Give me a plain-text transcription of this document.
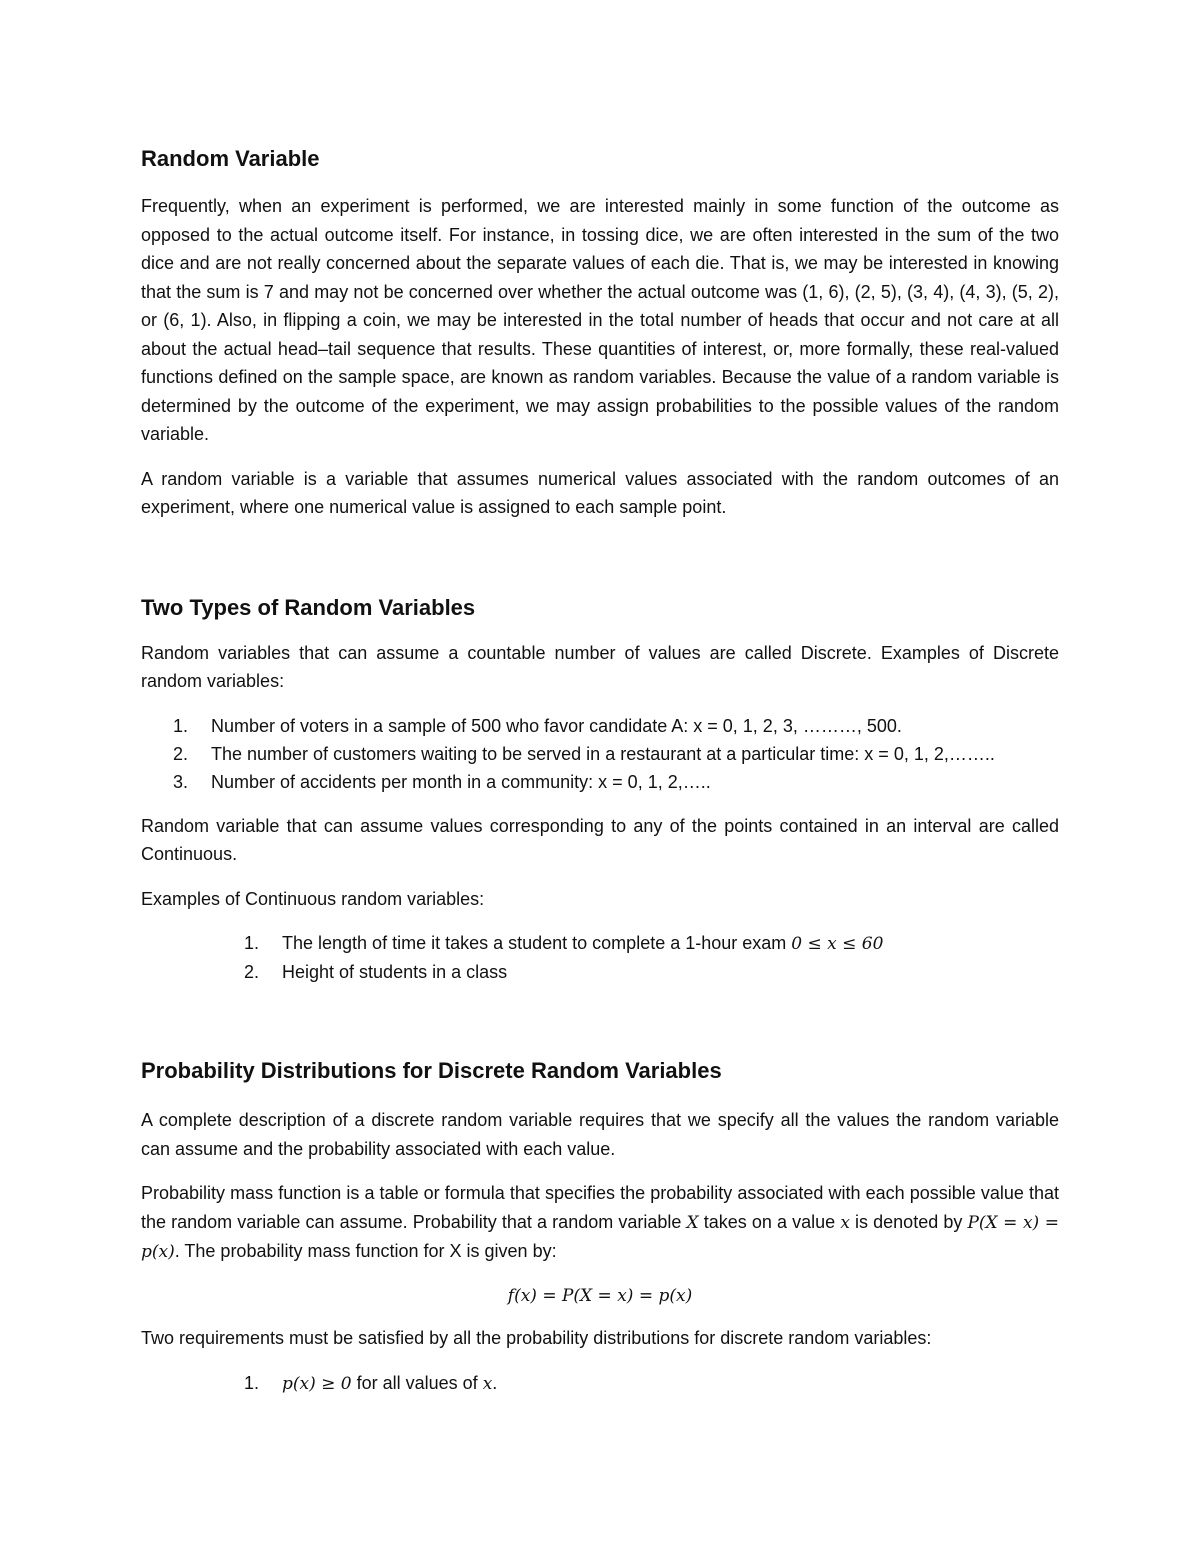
Random Variable

Frequently, when an experiment is performed, we are interested mainly in some function of the outcome as opposed to the actual outcome itself. For instance, in tossing dice, we are often interested in the sum of the two dice and are not really concerned about the separate values of each die. That is, we may be interested in knowing that the sum is 7 and may not be concerned over whether the actual outcome was (1, 6), (2, 5), (3, 4), (4, 3), (5, 2), or (6, 1). Also, in flipping a coin, we may be interested in the total number of heads that occur and not care at all about the actual head–tail sequence that results. These quantities of interest, or, more formally, these real-valued functions defined on the sample space, are known as random variables. Because the value of a random variable is determined by the outcome of the experiment, we may assign probabilities to the possible values of the random variable.

A random variable is a variable that assumes numerical values associated with the random outcomes of an experiment, where one numerical value is assigned to each sample point.

Two Types of Random Variables

Random variables that can assume a countable number of values are called Discrete. Examples of Discrete random variables:

1.	Number of voters in a sample of 500 who favor candidate A: x = 0, 1, 2, 3, ………, 500.
2.	The number of customers waiting to be served in a restaurant at a particular time: x = 0, 1, 2,……..
3.	Number of accidents per month in a community: x = 0, 1, 2,…..

Random variable that can assume values corresponding to any of the points contained in an interval are called Continuous.

Examples of Continuous random variables:

1.	The length of time it takes a student to complete a 1-hour exam 0 ≤ x ≤ 60
2.	Height of students in a class
Probability Distributions for Discrete Random Variables

A complete description of a discrete random variable requires that we specify all the values the random variable can assume and the probability associated with each value.

Probability mass function is a table or formula that specifies the probability associated with each possible value that the random variable can assume. Probability that a random variable X takes on a value x is denoted by P(X = x) = p(x). The probability mass function for X is given by:

f(x) = P(X = x) = p(x)

Two requirements must be satisfied by all the probability distributions for discrete random variables:

1.	p(x) ≥ 0 for all values of x.
